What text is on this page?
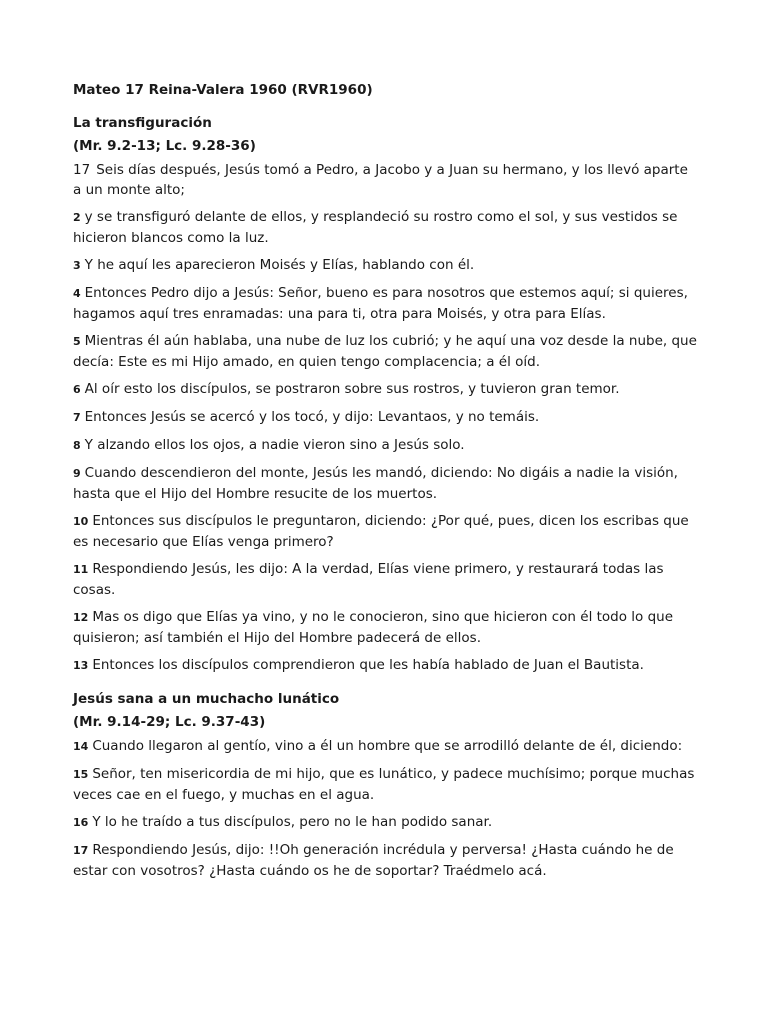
Mateo 17 Reina-Valera 1960 (RVR1960)

La transfiguración

(Mr. 9.2-13; Lc. 9.28-36)

17 Seis días después, Jesús tomó a Pedro, a Jacobo y a Juan su hermano, y los llevó aparte a un monte alto;

2 y se transfiguró delante de ellos, y resplandeció su rostro como el sol, y sus vestidos se hicieron blancos como la luz.

3 Y he aquí les aparecieron Moisés y Elías, hablando con él.

4 Entonces Pedro dijo a Jesús: Señor, bueno es para nosotros que estemos aquí; si quieres, hagamos aquí tres enramadas: una para ti, otra para Moisés, y otra para Elías.

5 Mientras él aún hablaba, una nube de luz los cubrió; y he aquí una voz desde la nube, que decía: Este es mi Hijo amado, en quien tengo complacencia; a él oíd.

6 Al oír esto los discípulos, se postraron sobre sus rostros, y tuvieron gran temor.

7 Entonces Jesús se acercó y los tocó, y dijo: Levantaos, y no temáis.

8 Y alzando ellos los ojos, a nadie vieron sino a Jesús solo.

9 Cuando descendieron del monte, Jesús les mandó, diciendo: No digáis a nadie la visión, hasta que el Hijo del Hombre resucite de los muertos.

10 Entonces sus discípulos le preguntaron, diciendo: ¿Por qué, pues, dicen los escribas que es necesario que Elías venga primero?

11 Respondiendo Jesús, les dijo: A la verdad, Elías viene primero, y restaurará todas las cosas.

12 Mas os digo que Elías ya vino, y no le conocieron, sino que hicieron con él todo lo que quisieron; así también el Hijo del Hombre padecerá de ellos.

13 Entonces los discípulos comprendieron que les había hablado de Juan el Bautista.

Jesús sana a un muchacho lunático

(Mr. 9.14-29; Lc. 9.37-43)

14 Cuando llegaron al gentío, vino a él un hombre que se arrodilló delante de él, diciendo:

15 Señor, ten misericordia de mi hijo, que es lunático, y padece muchísimo; porque muchas veces cae en el fuego, y muchas en el agua.

16 Y lo he traído a tus discípulos, pero no le han podido sanar.

17 Respondiendo Jesús, dijo: !!Oh generación incrédula y perversa! ¿Hasta cuándo he de estar con vosotros? ¿Hasta cuándo os he de soportar? Traédmelo acá.
